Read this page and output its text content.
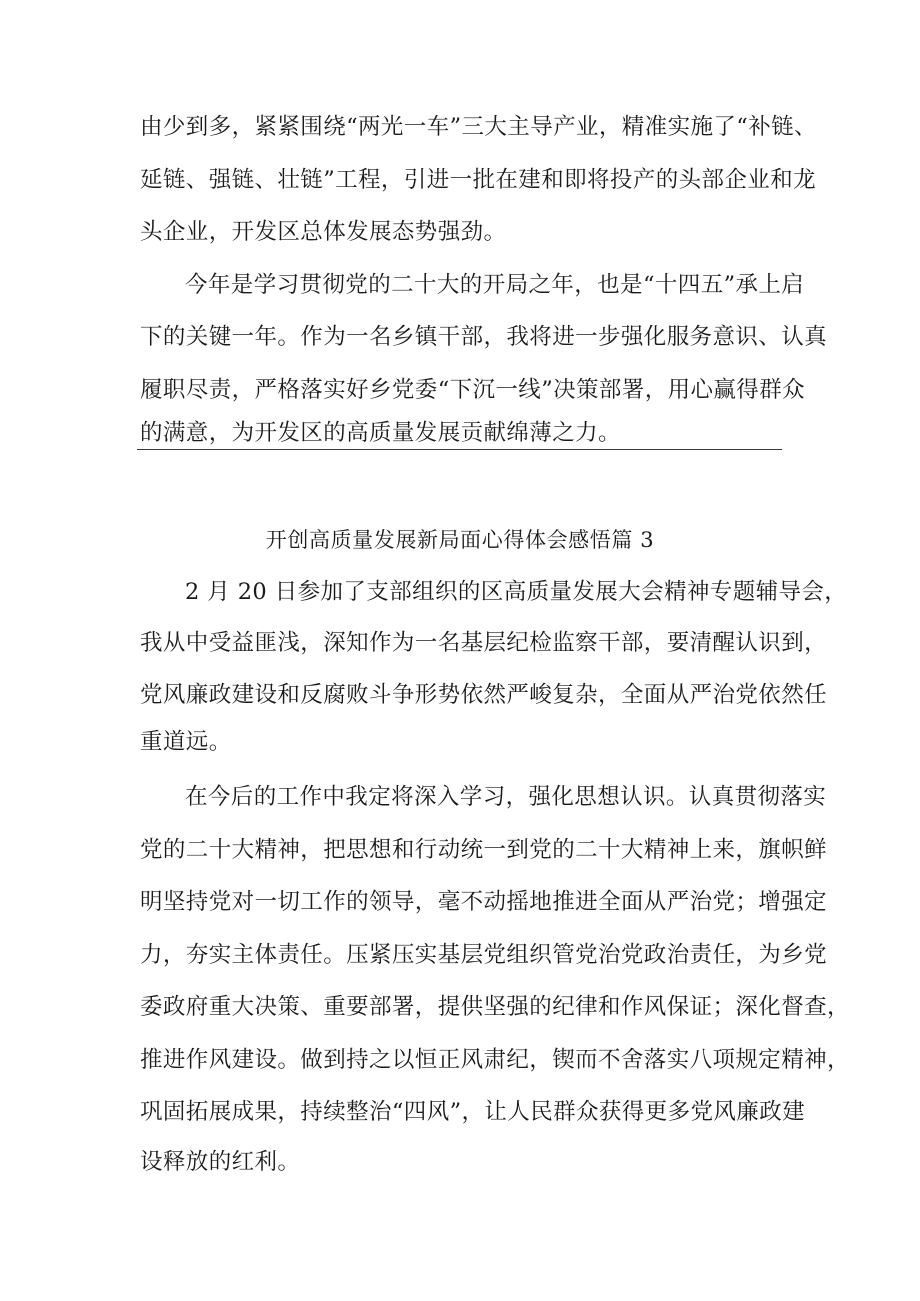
由少到多，紧紧围绕“两光一车”三大主导产业，精准实施了“补链、
延链、强链、壮链”工程，引进一批在建和即将投产的头部企业和龙
头企业，开发区总体发展态势强劲。
今年是学习贯彻党的二十大的开局之年，也是“十四五”承上启
下的关键一年。作为一名乡镇干部，我将进一步强化服务意识、认真
履职尽责，严格落实好乡党委“下沉一线”决策部署，用心赢得群众
的满意，为开发区的高质量发展贡献绵薄之力。
开创高质量发展新局面心得体会感悟篇 3
2 月 20 日参加了支部组织的区高质量发展大会精神专题辅导会，
我从中受益匪浅，深知作为一名基层纪检监察干部，要清醒认识到，
党风廉政建设和反腐败斗争形势依然严峻复杂，全面从严治党依然任
重道远。
在今后的工作中我定将深入学习，强化思想认识。认真贯彻落实
党的二十大精神，把思想和行动统一到党的二十大精神上来，旗帜鲜
明坚持党对一切工作的领导，毫不动摇地推进全面从严治党；增强定
力，夯实主体责任。压紧压实基层党组织管党治党政治责任，为乡党
委政府重大决策、重要部署，提供坚强的纪律和作风保证；深化督查，
推进作风建设。做到持之以恒正风肃纪，锲而不舍落实八项规定精神，
巩固拓展成果，持续整治“四风”，让人民群众获得更多党风廉政建
设释放的红利。
